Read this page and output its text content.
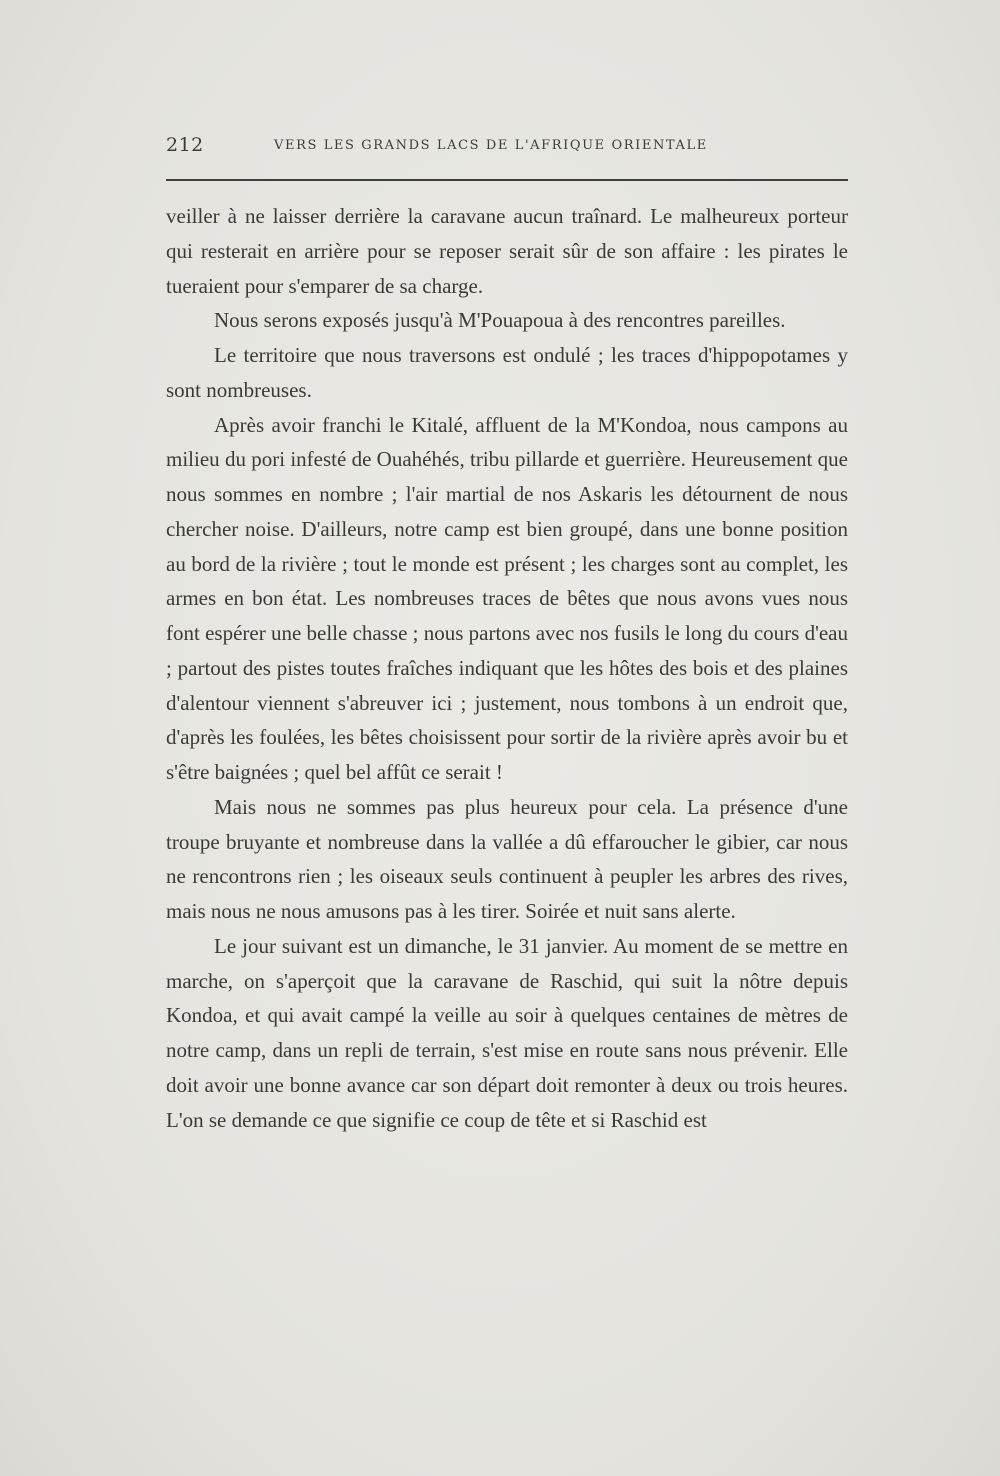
212	VERS LES GRANDS LACS DE L'AFRIQUE ORIENTALE

veiller à ne laisser derrière la caravane aucun traînard. Le malheureux porteur qui resterait en arrière pour se reposer serait sûr de son affaire : les pirates le tueraient pour s'emparer de sa charge.

Nous serons exposés jusqu'à M'Pouapoua à des rencontres pareilles.

Le territoire que nous traversons est ondulé ; les traces d'hippopotames y sont nombreuses.

Après avoir franchi le Kitalé, affluent de la M'Kondoa, nous campons au milieu du pori infesté de Ouahéhés, tribu pillarde et guerrière. Heureusement que nous sommes en nombre ; l'air martial de nos Askaris les détournent de nous chercher noise. D'ailleurs, notre camp est bien groupé, dans une bonne position au bord de la rivière ; tout le monde est présent ; les charges sont au complet, les armes en bon état. Les nombreuses traces de bêtes que nous avons vues nous font espérer une belle chasse ; nous partons avec nos fusils le long du cours d'eau ; partout des pistes toutes fraîches indiquant que les hôtes des bois et des plaines d'alentour viennent s'abreuver ici ; justement, nous tombons à un endroit que, d'après les foulées, les bêtes choisissent pour sortir de la rivière après avoir bu et s'être baignées ; quel bel affût ce serait !

Mais nous ne sommes pas plus heureux pour cela. La présence d'une troupe bruyante et nombreuse dans la vallée a dû effaroucher le gibier, car nous ne rencontrons rien ; les oiseaux seuls continuent à peupler les arbres des rives, mais nous ne nous amusons pas à les tirer. Soirée et nuit sans alerte.

Le jour suivant est un dimanche, le 31 janvier. Au moment de se mettre en marche, on s'aperçoit que la caravane de Raschid, qui suit la nôtre depuis Kondoa, et qui avait campé la veille au soir à quelques centaines de mètres de notre camp, dans un repli de terrain, s'est mise en route sans nous prévenir. Elle doit avoir une bonne avance car son départ doit remonter à deux ou trois heures. L'on se demande ce que signifie ce coup de tête et si Raschid est
